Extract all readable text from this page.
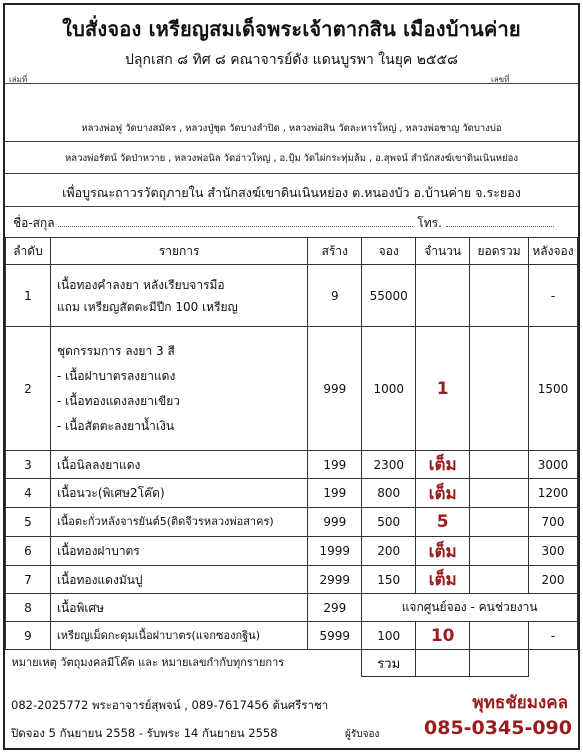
ใบสั่งจอง เหรียญสมเด็จพระเจ้าตากสิน เมืองบ้านค่าย
เล่มที่	เลขที่
ปลุกเสก ๘ ทิศ ๘ คณาจารย์ดัง แดนบูรพา ในยุค ๒๕๕๘
หลวงพ่อฟู วัดบางสมัคร , หลวงปู่ชุด วัดบางลำปิด , หลวงพ่อสิน วัดละหารใหญ่ , หลวงพ่อชาญ วัดบางบ่อ
หลวงพ่อรัตน์ วัดป่าหวาย , หลวงพ่อนิล วัดอ่าวใหญ่ , อ.ปุ้ม วัดไผ่กระทุ่มล้ม , อ.สุพจน์ สำนักสงฆ์เขาดินเนินหย่อง
เพื่อบูรณะถาวรวัตถุภายใน สำนักสงฆ์เขาดินเนินหย่อง ต.หนองบัว อ.บ้านค่าย จ.ระยอง
ชื่อ-สกุล	โทร.
ลำดับ	รายการ	สร้าง	จอง	จำนวน	ยอดรวม	หลังจอง
1	เนื้อทองคำลงยา หลังเรียบจารมือ
แถม เหรียญสัตตะมีปีก 100 เหรียญ	9	55000			-
2	ชุดกรรมการ ลงยา 3 สี
- เนื้อฝาบาตรลงยาแดง
- เนื้อทองแดงลงยาเขียว
- เนื้อสัตตะลงยาน้ำเงิน	999	1000	1		1500
3	เนื้อนิลลงยาแดง	199	2300	เต็ม		3000
4	เนื้อนวะ(พิเศษ2โค๊ด)	199	800	เต็ม		1200
5	เนื้อตะกั่วหลังจารยันต์5(ติดจีวรหลวงพ่อสาคร)	999	500	5		700
6	เนื้อทองฝาบาตร	1999	200	เต็ม		300
7	เนื้อทองแดงมันปู	2999	150	เต็ม		200
8	เนื้อพิเศษ	299	แจกศูนย์จอง - คนช่วยงาน			
9	เหรียญเม็ดกะดุมเนื้อฝาบาตร(แจกซองกฐิน)	5999	100	10		-
หมายเหตุ วัตถุมงคลมีโค๊ต และ หมายเลขกำกับทุกรายการ			รวม			
082-2025772 พระอาจารย์สุพจน์ , 089-7617456 ต้นศรีราชา
ปิดจอง 5 กันยายน 2558 - รับพระ 14 กันยายน 2558
พุทธชัยมงคล
ผู้รับจอง 085-0345-090
